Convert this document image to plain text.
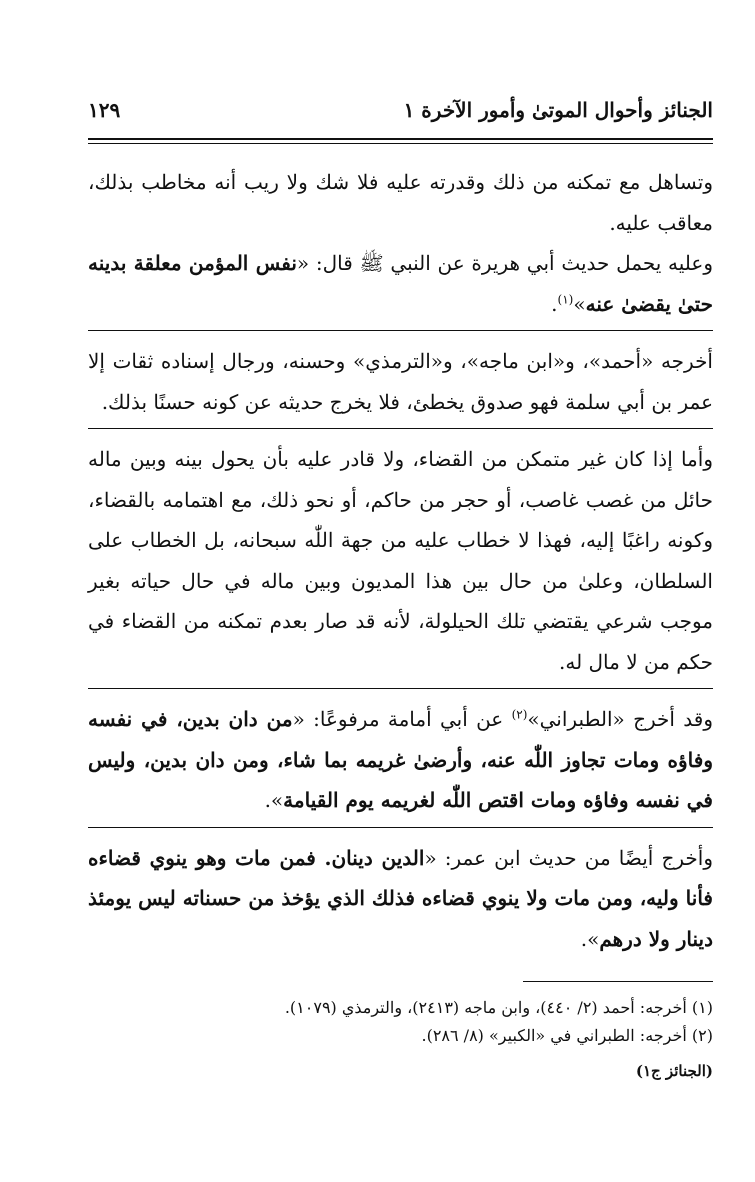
الجنائز وأحوال الموتىٰ وأمور الآخرة ١
١٢٩

وتساهل مع تمكنه من ذلك وقدرته عليه فلا شك ولا ريب أنه مخاطب بذلك، معاقب عليه.

وعليه يحمل حديث أبي هريرة عن النبي ﷺ قال: «نفس المؤمن معلقة بدينه حتىٰ يقضىٰ عنه»$^{(١)}$.

أخرجه «أحمد»، و«ابن ماجه»، و«الترمذي» وحسنه، ورجال إسناده ثقات إلا عمر بن أبي سلمة فهو صدوق يخطئ، فلا يخرج حديثه عن كونه حسنًا بذلك.

وأما إذا كان غير متمكن من القضاء، ولا قادر عليه بأن يحول بينه وبين ماله حائل من غصب غاصب، أو حجر من حاكم، أو نحو ذلك، مع اهتمامه بالقضاء، وكونه راغبًا إليه، فهذا لا خطاب عليه من جهة اللّٰه سبحانه، بل الخطاب على السلطان، وعلىٰ من حال بين هذا المديون وبين ماله في حال حياته بغير موجب شرعي يقتضي تلك الحيلولة، لأنه قد صار بعدم تمكنه من القضاء في حكم من لا مال له.

وقد أخرج «الطبراني»$^{(٢)}$ عن أبي أمامة مرفوعًا: «من دان بدين، في نفسه وفاؤه ومات تجاوز اللّٰه عنه، وأرضىٰ غريمه بما شاء، ومن دان بدين، وليس في نفسه وفاؤه ومات اقتص اللّٰه لغريمه يوم القيامة».

وأخرج أيضًا من حديث ابن عمر: «الدين دينان. فمن مات وهو ينوي قضاءه فأنا وليه، ومن مات ولا ينوي قضاءه فذلك الذي يؤخذ من حسناته ليس يومئذ دينار ولا درهم».

(١) أخرجه: أحمد (٢/ ٤٤٠)، وابن ماجه (٢٤١٣)، والترمذي (١٠٧٩).

(٢) أخرجه: الطبراني في «الكبير» (٨/ ٢٨٦).

(الجنائز ج١)
